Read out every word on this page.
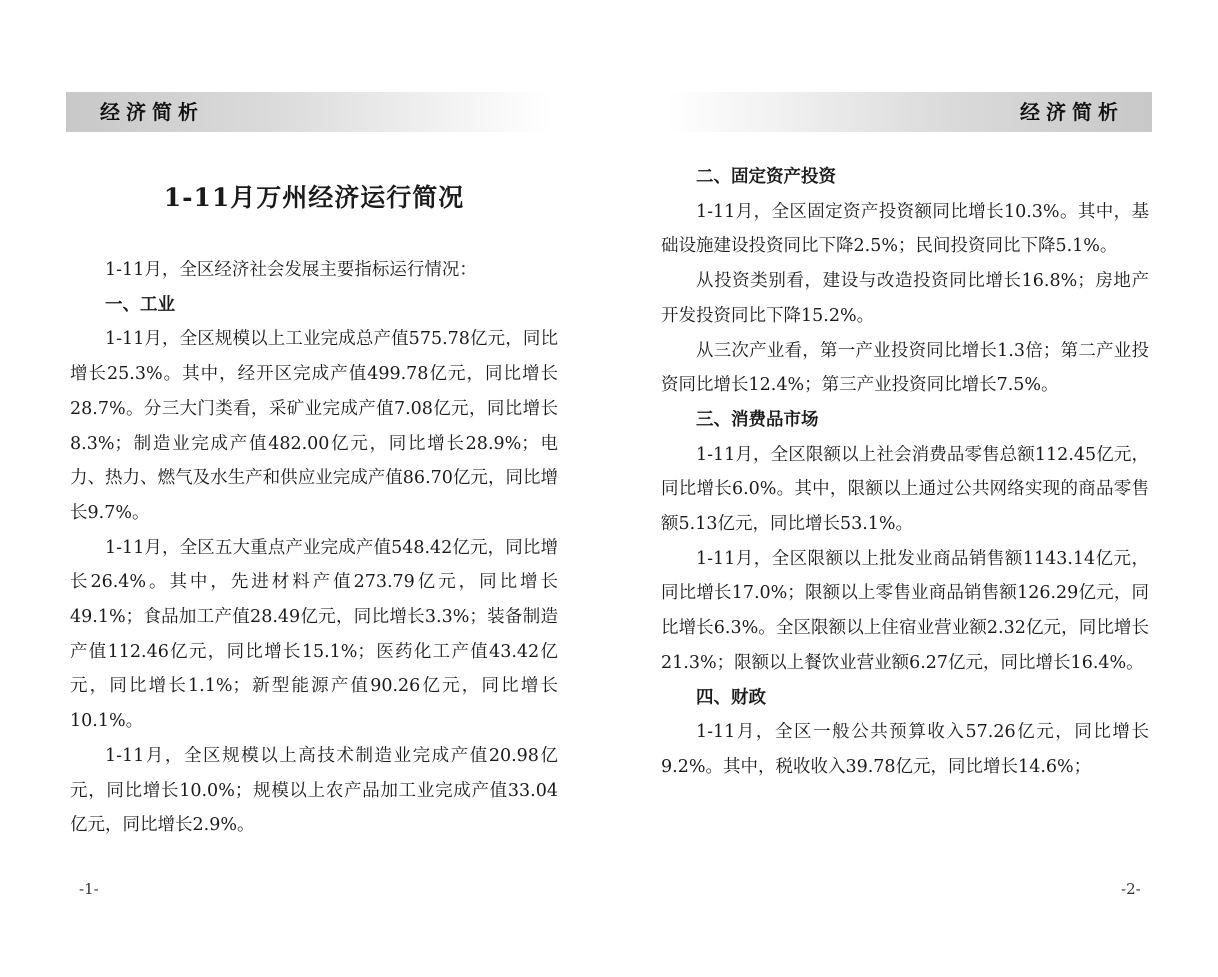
经济简析
1-11月万州经济运行简况

1-11月，全区经济社会发展主要指标运行情况：

一、工业

1-11月，全区规模以上工业完成总产值575.78亿元，同比增长25.3%。其中，经开区完成产值499.78亿元，同比增长28.7%。分三大门类看，采矿业完成产值7.08亿元，同比增长8.3%；制造业完成产值482.00亿元，同比增长28.9%；电力、热力、燃气及水生产和供应业完成产值86.70亿元，同比增长9.7%。

1-11月，全区五大重点产业完成产值548.42亿元，同比增长26.4%。其中，先进材料产值273.79亿元，同比增长49.1%；食品加工产值28.49亿元，同比增长3.3%；装备制造产值112.46亿元，同比增长15.1%；医药化工产值43.42亿元，同比增长1.1%；新型能源产值90.26亿元，同比增长10.1%。

1-11月，全区规模以上高技术制造业完成产值20.98亿元，同比增长10.0%；规模以上农产品加工业完成产值33.04亿元，同比增长2.9%。

-1-
经济简析

二、固定资产投资

1-11月，全区固定资产投资额同比增长10.3%。其中，基础设施建设投资同比下降2.5%；民间投资同比下降5.1%。

从投资类别看，建设与改造投资同比增长16.8%；房地产开发投资同比下降15.2%。

从三次产业看，第一产业投资同比增长1.3倍；第二产业投资同比增长12.4%；第三产业投资同比增长7.5%。

三、消费品市场

1-11月，全区限额以上社会消费品零售总额112.45亿元，同比增长6.0%。其中，限额以上通过公共网络实现的商品零售额5.13亿元，同比增长53.1%。

1-11月，全区限额以上批发业商品销售额1143.14亿元，同比增长17.0%；限额以上零售业商品销售额126.29亿元，同比增长6.3%。全区限额以上住宿业营业额2.32亿元，同比增长21.3%；限额以上餐饮业营业额6.27亿元，同比增长16.4%。

四、财政

1-11月，全区一般公共预算收入57.26亿元，同比增长9.2%。其中，税收收入39.78亿元，同比增长14.6%；

-2-
